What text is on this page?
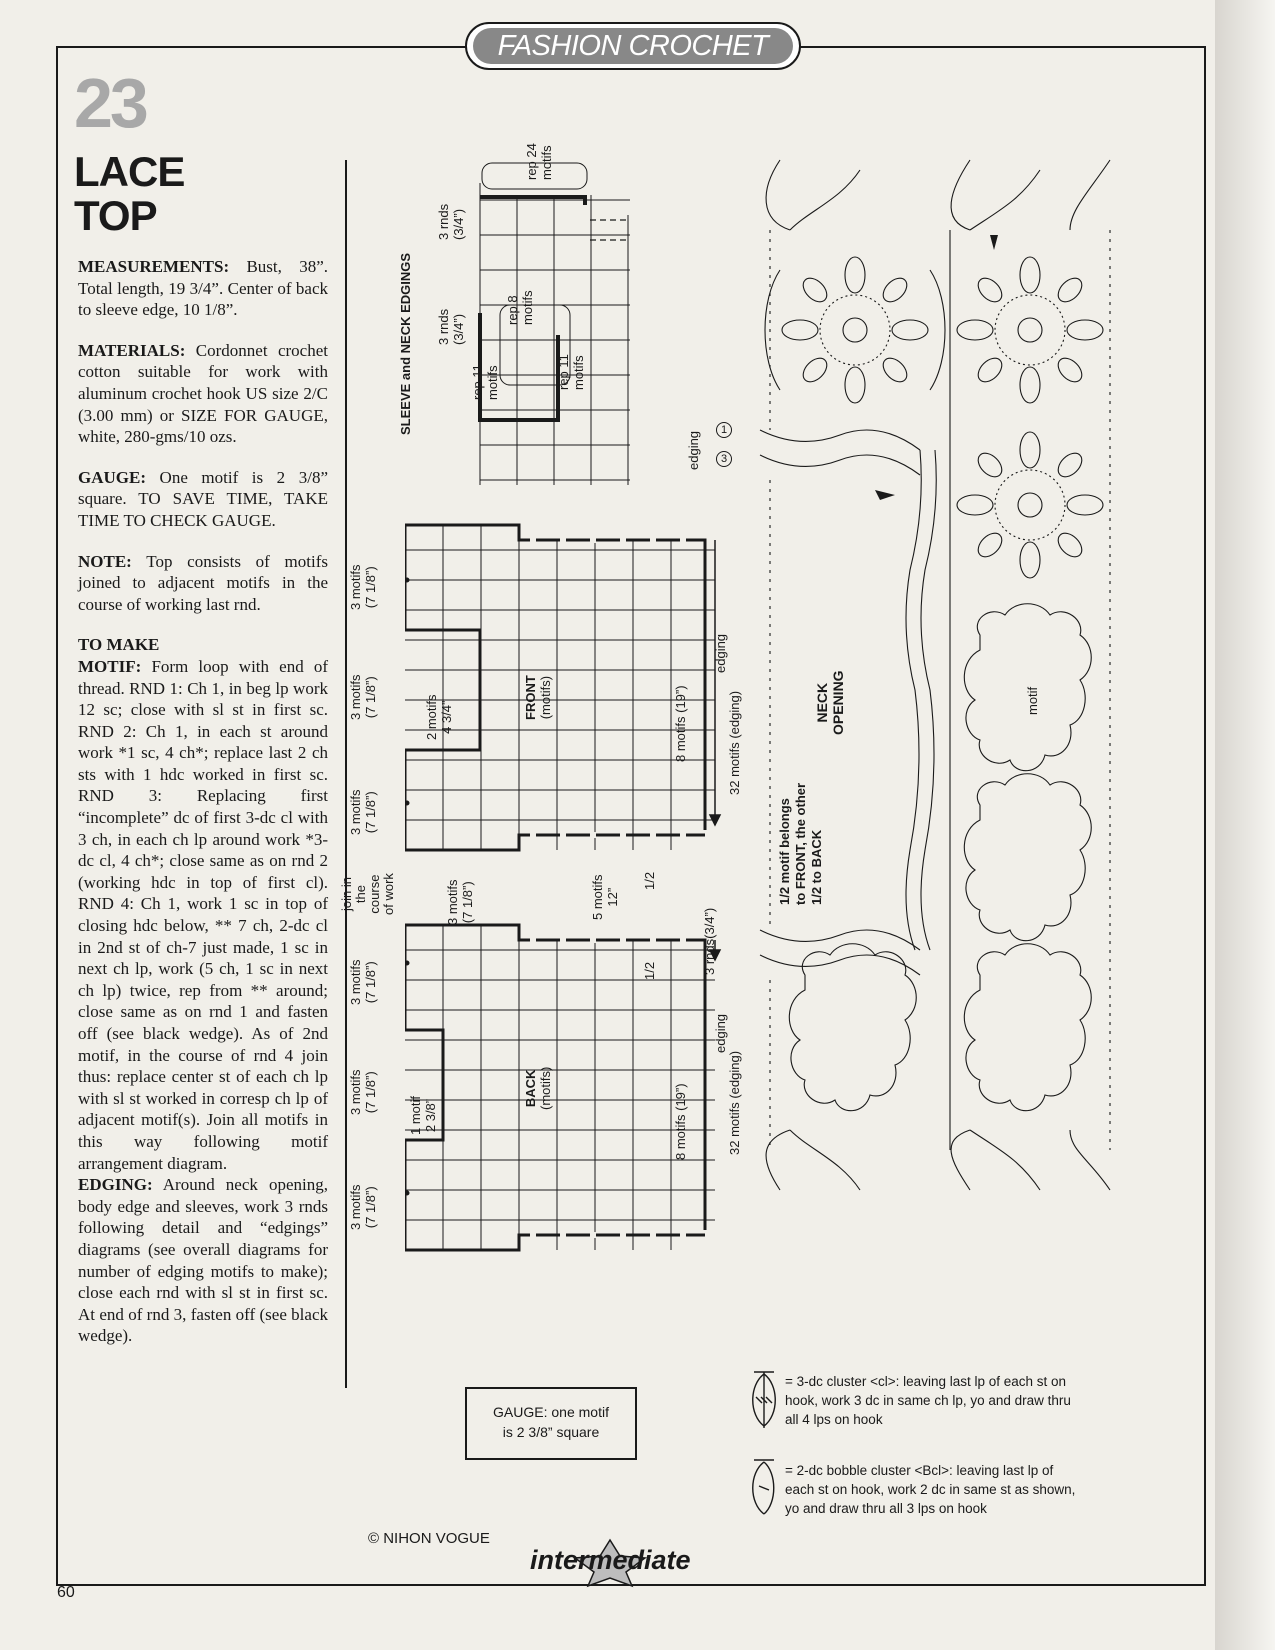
FASHION CROCHET
23
LACE
TOP

MEASUREMENTS: Bust, 38”. Total length, 19 3/4”. Center of back to sleeve edge, 10 1/8”.

MATERIALS: Cordonnet crochet cotton suitable for work with aluminum crochet hook US size 2/C (3.00 mm) or SIZE FOR GAUGE, white, 280-gms/10 ozs.

GAUGE: One motif is 2 3/8” square. TO SAVE TIME, TAKE TIME TO CHECK GAUGE.

NOTE: Top consists of motifs joined to adjacent motifs in the course of working last rnd.

TO MAKE

MOTIF: Form loop with end of thread. RND 1: Ch 1, in beg lp work 12 sc; close with sl st in first sc. RND 2: Ch 1, in each st around work *1 sc, 4 ch*; replace last 2 ch sts with 1 hdc worked in first sc. RND 3: Replacing first “incomplete” dc of first 3-dc cl with 3 ch, in each ch lp around work *3-dc cl, 4 ch*; close same as on rnd 2 (working hdc in top of first cl). RND 4: Ch 1, work 1 sc in top of closing hdc below, ** 7 ch, 2-dc cl in 2nd st of ch-7 just made, 1 sc in next ch lp, work (5 ch, 1 sc in next ch lp) twice, rep from ** around; close same as on rnd 1 and fasten off (see black wedge). As of 2nd motif, in the course of rnd 4 join thus: replace center st of each ch lp with sl st worked in corresp ch lp of adjacent motif(s). Join all motifs in this way following motif arrangement diagram.

EDGING: Around neck opening, body edge and sleeves, work 3 rnds following detail and “edgings” diagrams (see overall diagrams for number of edging motifs to make); close each rnd with sl st in first sc. At end of rnd 3, fasten off (see black wedge).

SLEEVE and NECK EDGINGS
3 rnds (3/4”)
rep 24 motifs
3 rnds (3/4”)
rep 8 motifs
rep 11 motifs	rep 11 motifs
3 motifs (7 1/8”)
3 motifs (7 1/8”)
3 motifs (7 1/8”)
3 motifs (7 1/8”)
3 motifs (7 1/8”)
3 motifs (7 1/8”)
3 motifs (7 1/8”)
join in the course of work
2 motifs 4 3/4”
1 motif 2 3/8”
FRONT (motifs)
BACK (motifs)
5 motifs 12”
1/2
1/2
8 motifs (19”)
8 motifs (19”)
3 rnds(3/4”)
edging
edging
32 motifs (edging)
32 motifs (edging)
edging
1
3
NECK OPENING	motif
1/2 motif belongs to FRONT, the other 1/2 to BACK
GAUGE: one motif
is 2 3/8” square
= 3-dc cluster <cl>: leaving last lp of each st on hook, work 3 dc in same ch lp, yo and draw thru all 4 lps on hook
= 2-dc bobble cluster <Bcl>: leaving last lp of each st on hook, work 2 dc in same st as shown, yo and draw thru all 3 lps on hook
© NIHON VOGUE
intermediate
60
